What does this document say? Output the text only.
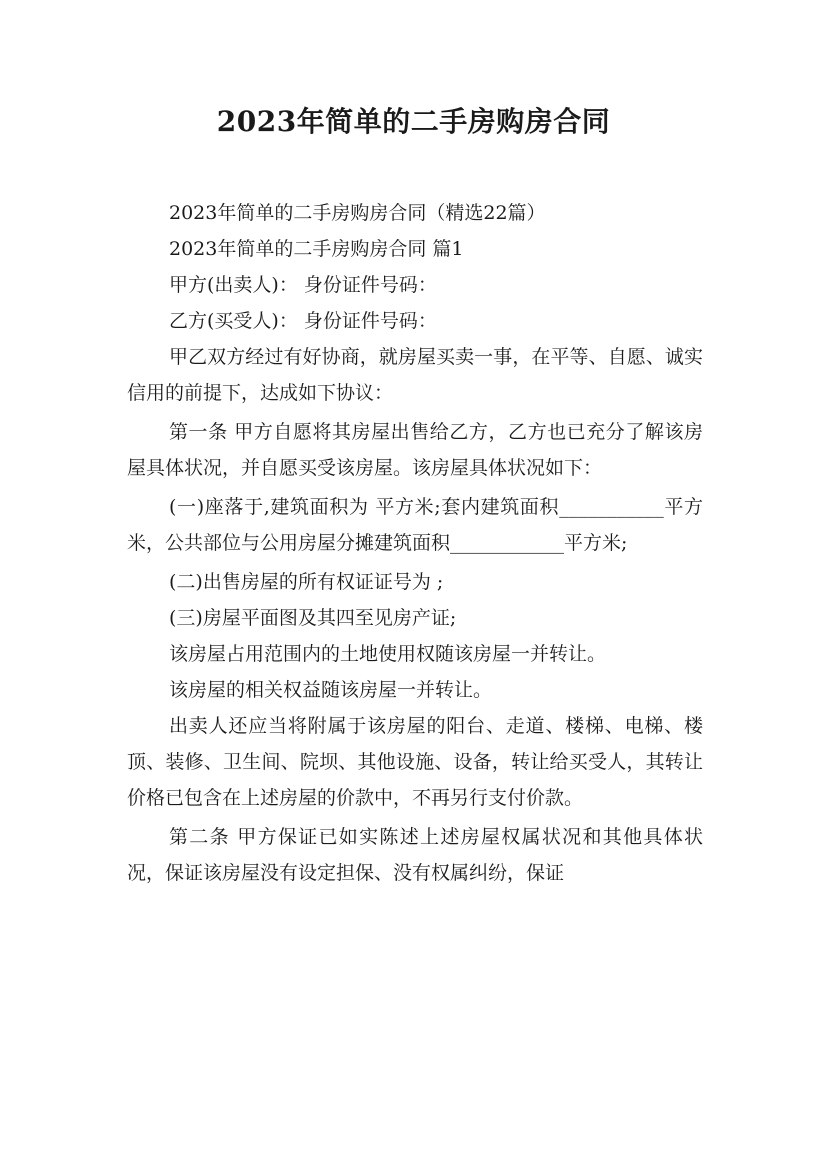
2023年简单的二手房购房合同

2023年简单的二手房购房合同（精选22篇）

2023年简单的二手房购房合同 篇1

甲方(出卖人)： 身份证件号码：

乙方(买受人)： 身份证件号码：

甲乙双方经过有好协商，就房屋买卖一事，在平等、自愿、诚实信用的前提下，达成如下协议：

第一条 甲方自愿将其房屋出售给乙方，乙方也已充分了解该房屋具体状况，并自愿买受该房屋。该房屋具体状况如下：

(一)座落于,建筑面积为 平方米;套内建筑面积___________平方米，公共部位与公用房屋分摊建筑面积____________平方米;

(二)出售房屋的所有权证证号为 ;

(三)房屋平面图及其四至见房产证;

该房屋占用范围内的土地使用权随该房屋一并转让。

该房屋的相关权益随该房屋一并转让。

出卖人还应当将附属于该房屋的阳台、走道、楼梯、电梯、楼顶、装修、卫生间、院坝、其他设施、设备，转让给买受人，其转让价格已包含在上述房屋的价款中，不再另行支付价款。

第二条 甲方保证已如实陈述上述房屋权属状况和其他具体状况，保证该房屋没有设定担保、没有权属纠纷，保证
